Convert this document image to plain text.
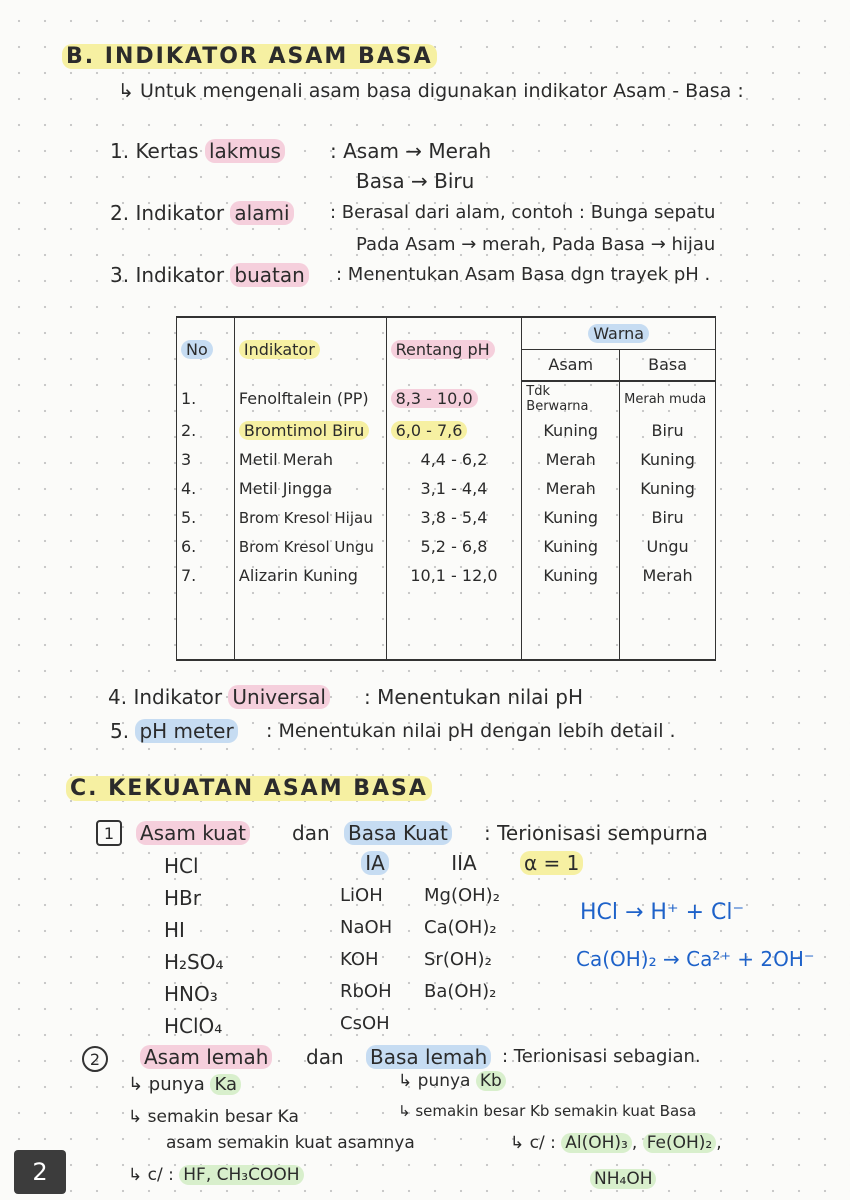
B. INDIKATOR ASAM BASA
↳ Untuk mengenali asam basa digunakan indikator Asam - Basa :
1. Kertas lakmus : Asam → Merah
Basa → Biru
2. Indikator alami : Berasal dari alam, contoh : Bunga sepatu
Pada Asam → merah, Pada Basa → hijau
3. Indikator buatan : Menentukan Asam Basa dgn trayek pH .
No	Indikator	Rentang pH	Warna	
			Asam	Basa
1.	Fenolftalein (PP)	8,3 - 10,0	Tdk Berwarna	Merah muda
2.	Bromtimol Biru	6,0 - 7,6	Kuning	Biru
3	Metil Merah	4,4 - 6,2	Merah	Kuning
4.	Metil Jingga	3,1 - 4,4	Merah	Kuning
5.	Brom Kresol Hijau	3,8 - 5,4	Kuning	Biru
6.	Brom Kresol Ungu	5,2 - 6,8	Kuning	Ungu
7.	Alizarin Kuning	10,1 - 12,0	Kuning	Merah

4. Indikator Universal : Menentukan nilai pH
5. pH meter : Menentukan nilai pH dengan lebih detail .
C. KEKUATAN ASAM BASA
1	Asam kuat dan Basa Kuat : Terionisasi sempurna
HCl
HBr
HI
H₂SO₄
HNO₃
HClO₄
IA
LiOH
NaOH
KOH
RbOH
CsOH
IIA
Mg(OH)₂
Ca(OH)₂
Sr(OH)₂
Ba(OH)₂
α = 1
HCl → H⁺ + Cl⁻
Ca(OH)₂ → Ca²⁺ + 2OH⁻
2	Asam lemah dan Basa lemah : Terionisasi sebagian.
↳ punya Ka
↳ semakin besar Ka
asam semakin kuat asamnya
↳ c/ : HF, CH₃COOH
↳ punya Kb
↳ semakin besar Kb semakin kuat Basa
↳ c/ : Al(OH)₃ , Fe(OH)₂ ,
NH₄OH
2
